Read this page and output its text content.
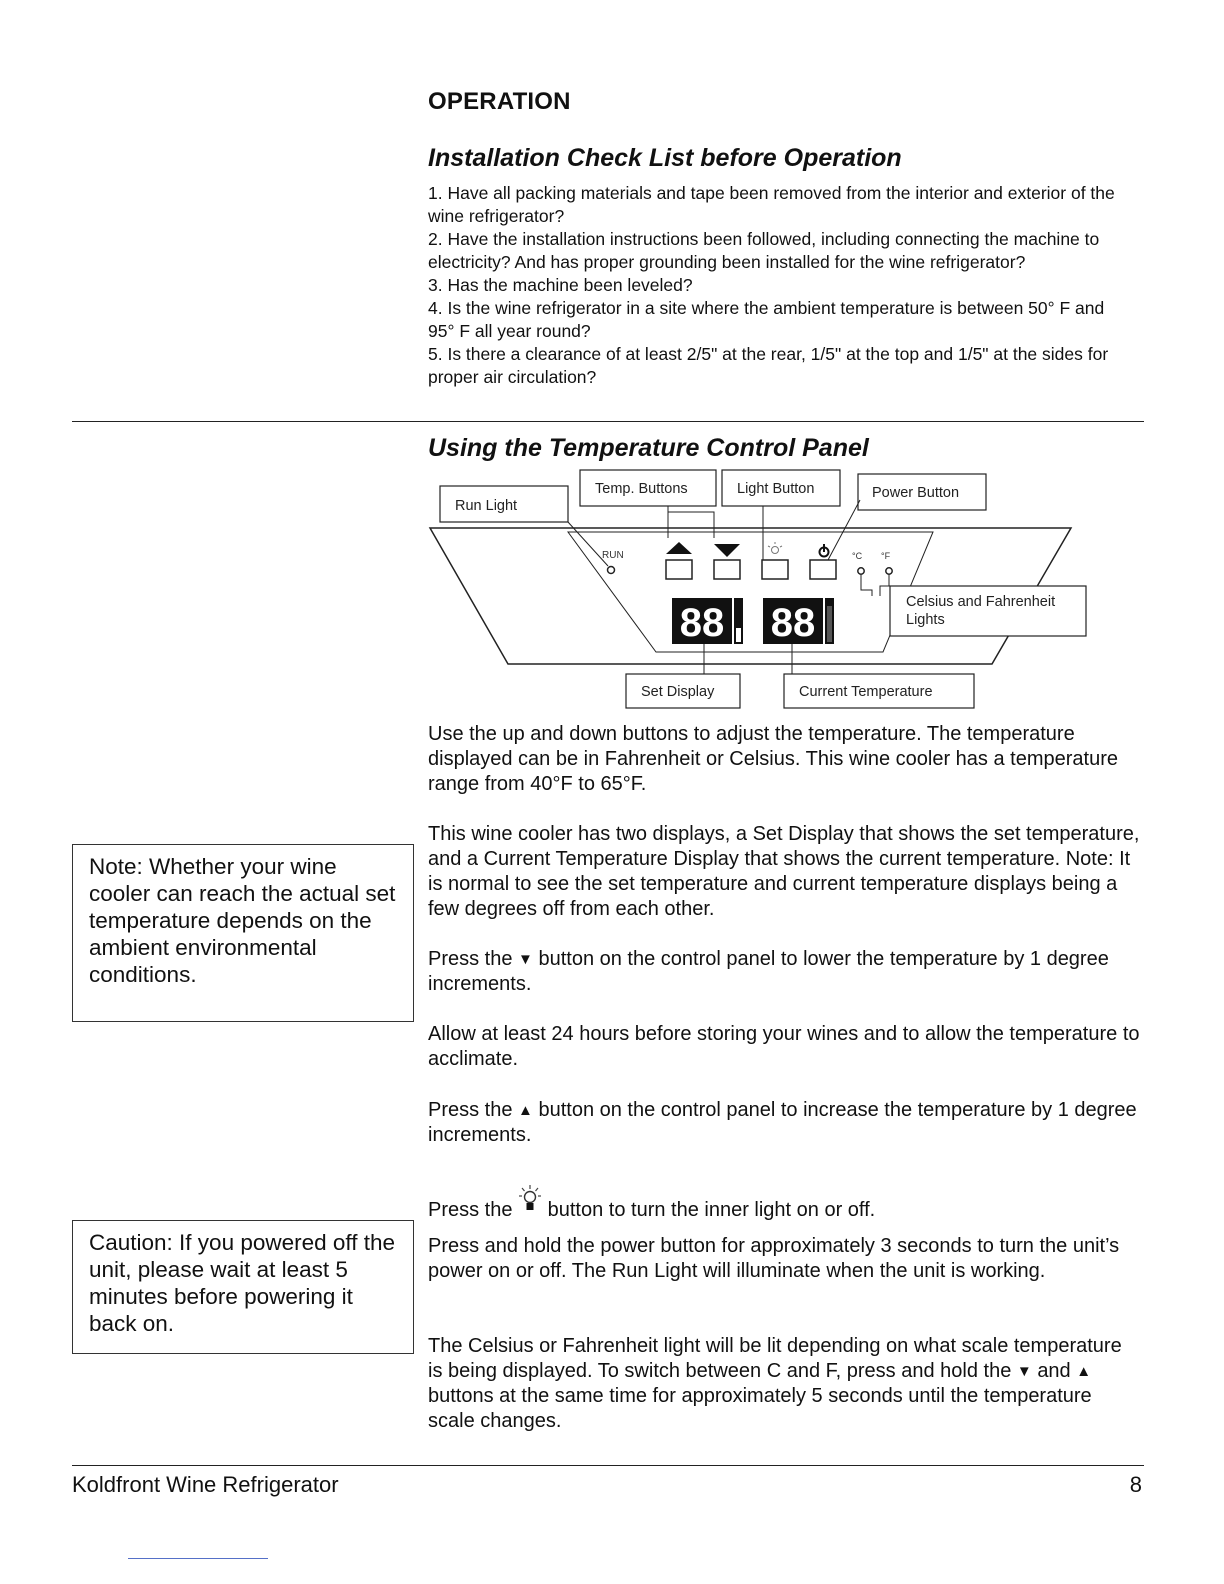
OPERATION
Installation Check List before Operation

1. Have all packing materials and tape been removed from the interior and exterior of the wine refrigerator?

2. Have the installation instructions been followed, including connecting the machine to electricity? And has proper grounding been installed for the wine refrigerator?

3. Has the machine been leveled?

4. Is the wine refrigerator in a site where the ambient temperature is between 50° F and 95° F all year round?

5. Is there a clearance of at least 2/5" at the rear, 1/5" at the top and 1/5" at the sides for proper air circulation?

Using the Temperature Control Panel
RUN	°C °F
88 88
Run Light
Temp. Buttons	Light Button	Power Button
Celsius and Fahrenheit
Lights
Set Display	Current Temperature

Use the up and down buttons to adjust the temperature. The temperature displayed can be in Fahrenheit or Celsius. This wine cooler has a temperature range from 40°F to 65°F.

This wine cooler has two displays, a Set Display that shows the set temperature, and a Current Temperature Display that shows the current temperature. Note: It is normal to see the set temperature and current temperature displays being a few degrees off from each other.

Press the ▼ button on the control panel to lower the temperature by 1 degree increments.

Allow at least 24 hours before storing your wines and to allow the temperature to acclimate.

Press the ▲ button on the control panel to increase the temperature by 1 degree increments.

Press the button to turn the inner light on or off.

Press and hold the power button for approximately 3 seconds to turn the unit’s power on or off. The Run Light will illuminate when the unit is working.

The Celsius or Fahrenheit light will be lit depending on what scale temperature is being displayed. To switch between C and F, press and hold the ▼ and ▲ buttons at the same time for approximately 5 seconds until the temperature scale changes.

Note: Whether your wine cooler can reach the actual set temperature depends on the ambient environmental conditions.
Caution: If you powered off the unit, please wait at least 5 minutes before powering it back on.
Koldfront Wine Refrigerator	8
